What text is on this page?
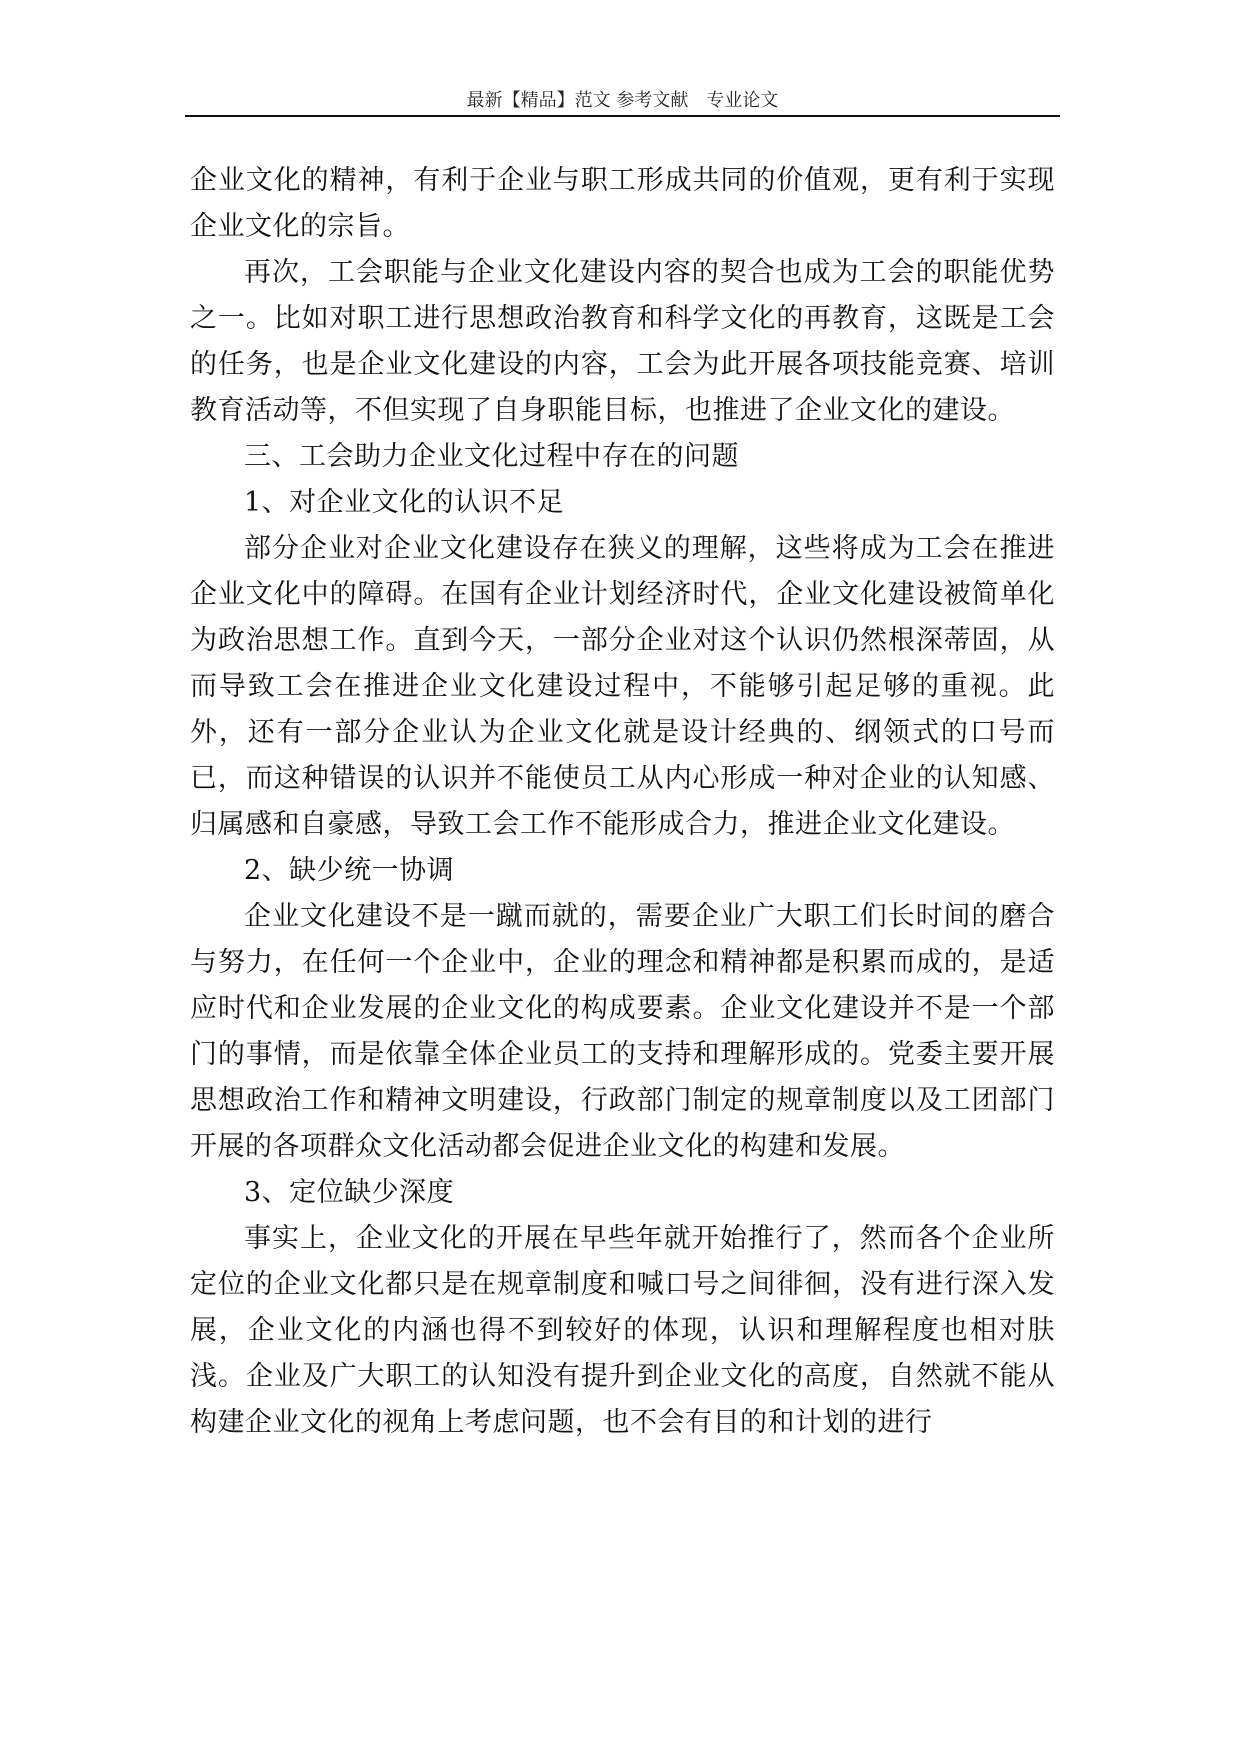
最新【精品】范文 参考文献　专业论文

企业文化的精神，有利于企业与职工形成共同的价值观，更有利于实现企业文化的宗旨。

再次，工会职能与企业文化建设内容的契合也成为工会的职能优势之一。比如对职工进行思想政治教育和科学文化的再教育，这既是工会的任务，也是企业文化建设的内容，工会为此开展各项技能竞赛、培训教育活动等，不但实现了自身职能目标，也推进了企业文化的建设。

三、工会助力企业文化过程中存在的问题

1、对企业文化的认识不足

部分企业对企业文化建设存在狭义的理解，这些将成为工会在推进企业文化中的障碍。在国有企业计划经济时代，企业文化建设被简单化为政治思想工作。直到今天，一部分企业对这个认识仍然根深蒂固，从而导致工会在推进企业文化建设过程中，不能够引起足够的重视。此外，还有一部分企业认为企业文化就是设计经典的、纲领式的口号而已，而这种错误的认识并不能使员工从内心形成一种对企业的认知感、归属感和自豪感，导致工会工作不能形成合力，推进企业文化建设。

2、缺少统一协调

企业文化建设不是一蹴而就的，需要企业广大职工们长时间的磨合与努力，在任何一个企业中，企业的理念和精神都是积累而成的，是适应时代和企业发展的企业文化的构成要素。企业文化建设并不是一个部门的事情，而是依靠全体企业员工的支持和理解形成的。党委主要开展思想政治工作和精神文明建设，行政部门制定的规章制度以及工团部门开展的各项群众文化活动都会促进企业文化的构建和发展。

3、定位缺少深度

事实上，企业文化的开展在早些年就开始推行了，然而各个企业所定位的企业文化都只是在规章制度和喊口号之间徘徊，没有进行深入发展，企业文化的内涵也得不到较好的体现，认识和理解程度也相对肤浅。企业及广大职工的认知没有提升到企业文化的高度，自然就不能从构建企业文化的视角上考虑问题，也不会有目的和计划的进行
